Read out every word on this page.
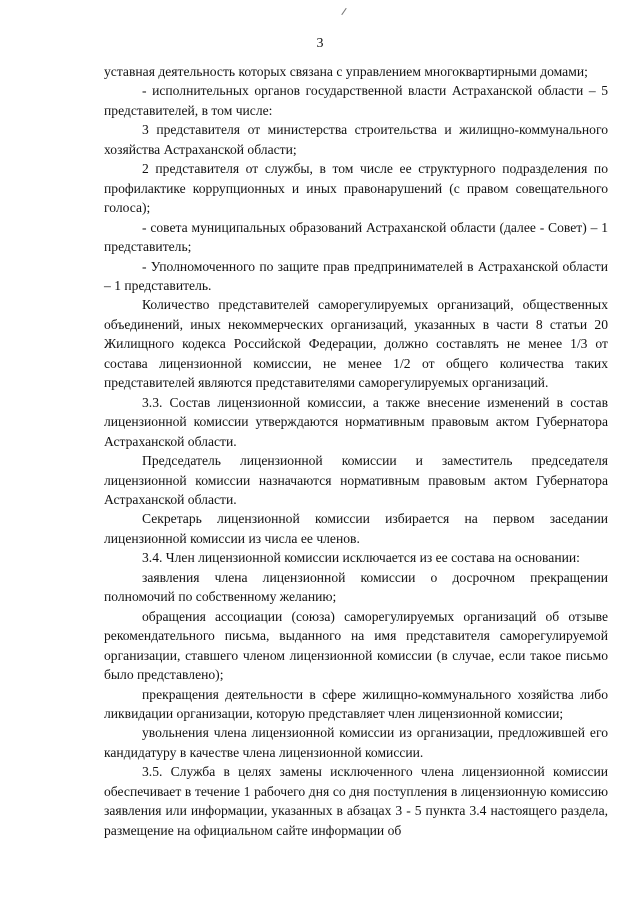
3

уставная деятельность которых связана с управлением многоквартирными домами;

- исполнительных органов государственной власти Астраханской области – 5 представителей, в том числе:

3 представителя от министерства строительства и жилищно-коммунального хозяйства Астраханской области;

2 представителя от службы, в том числе ее структурного подразделения по профилактике коррупционных и иных правонарушений (с правом совещательного голоса);

- совета муниципальных образований Астраханской области (далее - Совет) – 1 представитель;

- Уполномоченного по защите прав предпринимателей в Астраханской области – 1 представитель.

Количество представителей саморегулируемых организаций, общественных объединений, иных некоммерческих организаций, указанных в части 8 статьи 20 Жилищного кодекса Российской Федерации, должно составлять не менее 1/3 от состава лицензионной комиссии, не менее 1/2 от общего количества таких представителей являются представителями саморегулируемых организаций.

3.3. Состав лицензионной комиссии, а также внесение изменений в состав лицензионной комиссии утверждаются нормативным правовым актом Губернатора Астраханской области.

Председатель лицензионной комиссии и заместитель председателя лицензионной комиссии назначаются нормативным правовым актом Губернатора Астраханской области.

Секретарь лицензионной комиссии избирается на первом заседании лицензионной комиссии из числа ее членов.

3.4. Член лицензионной комиссии исключается из ее состава на основании:

заявления члена лицензионной комиссии о досрочном прекращении полномочий по собственному желанию;

обращения ассоциации (союза) саморегулируемых организаций об отзыве рекомендательного письма, выданного на имя представителя саморегулируемой организации, ставшего членом лицензионной комиссии (в случае, если такое письмо было представлено);

прекращения деятельности в сфере жилищно-коммунального хозяйства либо ликвидации организации, которую представляет член лицензионной комиссии;

увольнения члена лицензионной комиссии из организации, предложившей его кандидатуру в качестве члена лицензионной комиссии.

3.5. Служба в целях замены исключенного члена лицензионной комиссии обеспечивает в течение 1 рабочего дня со дня поступления в лицензионную комиссию заявления или информации, указанных в абзацах 3 - 5 пункта 3.4 настоящего раздела, размещение на официальном сайте информации об
